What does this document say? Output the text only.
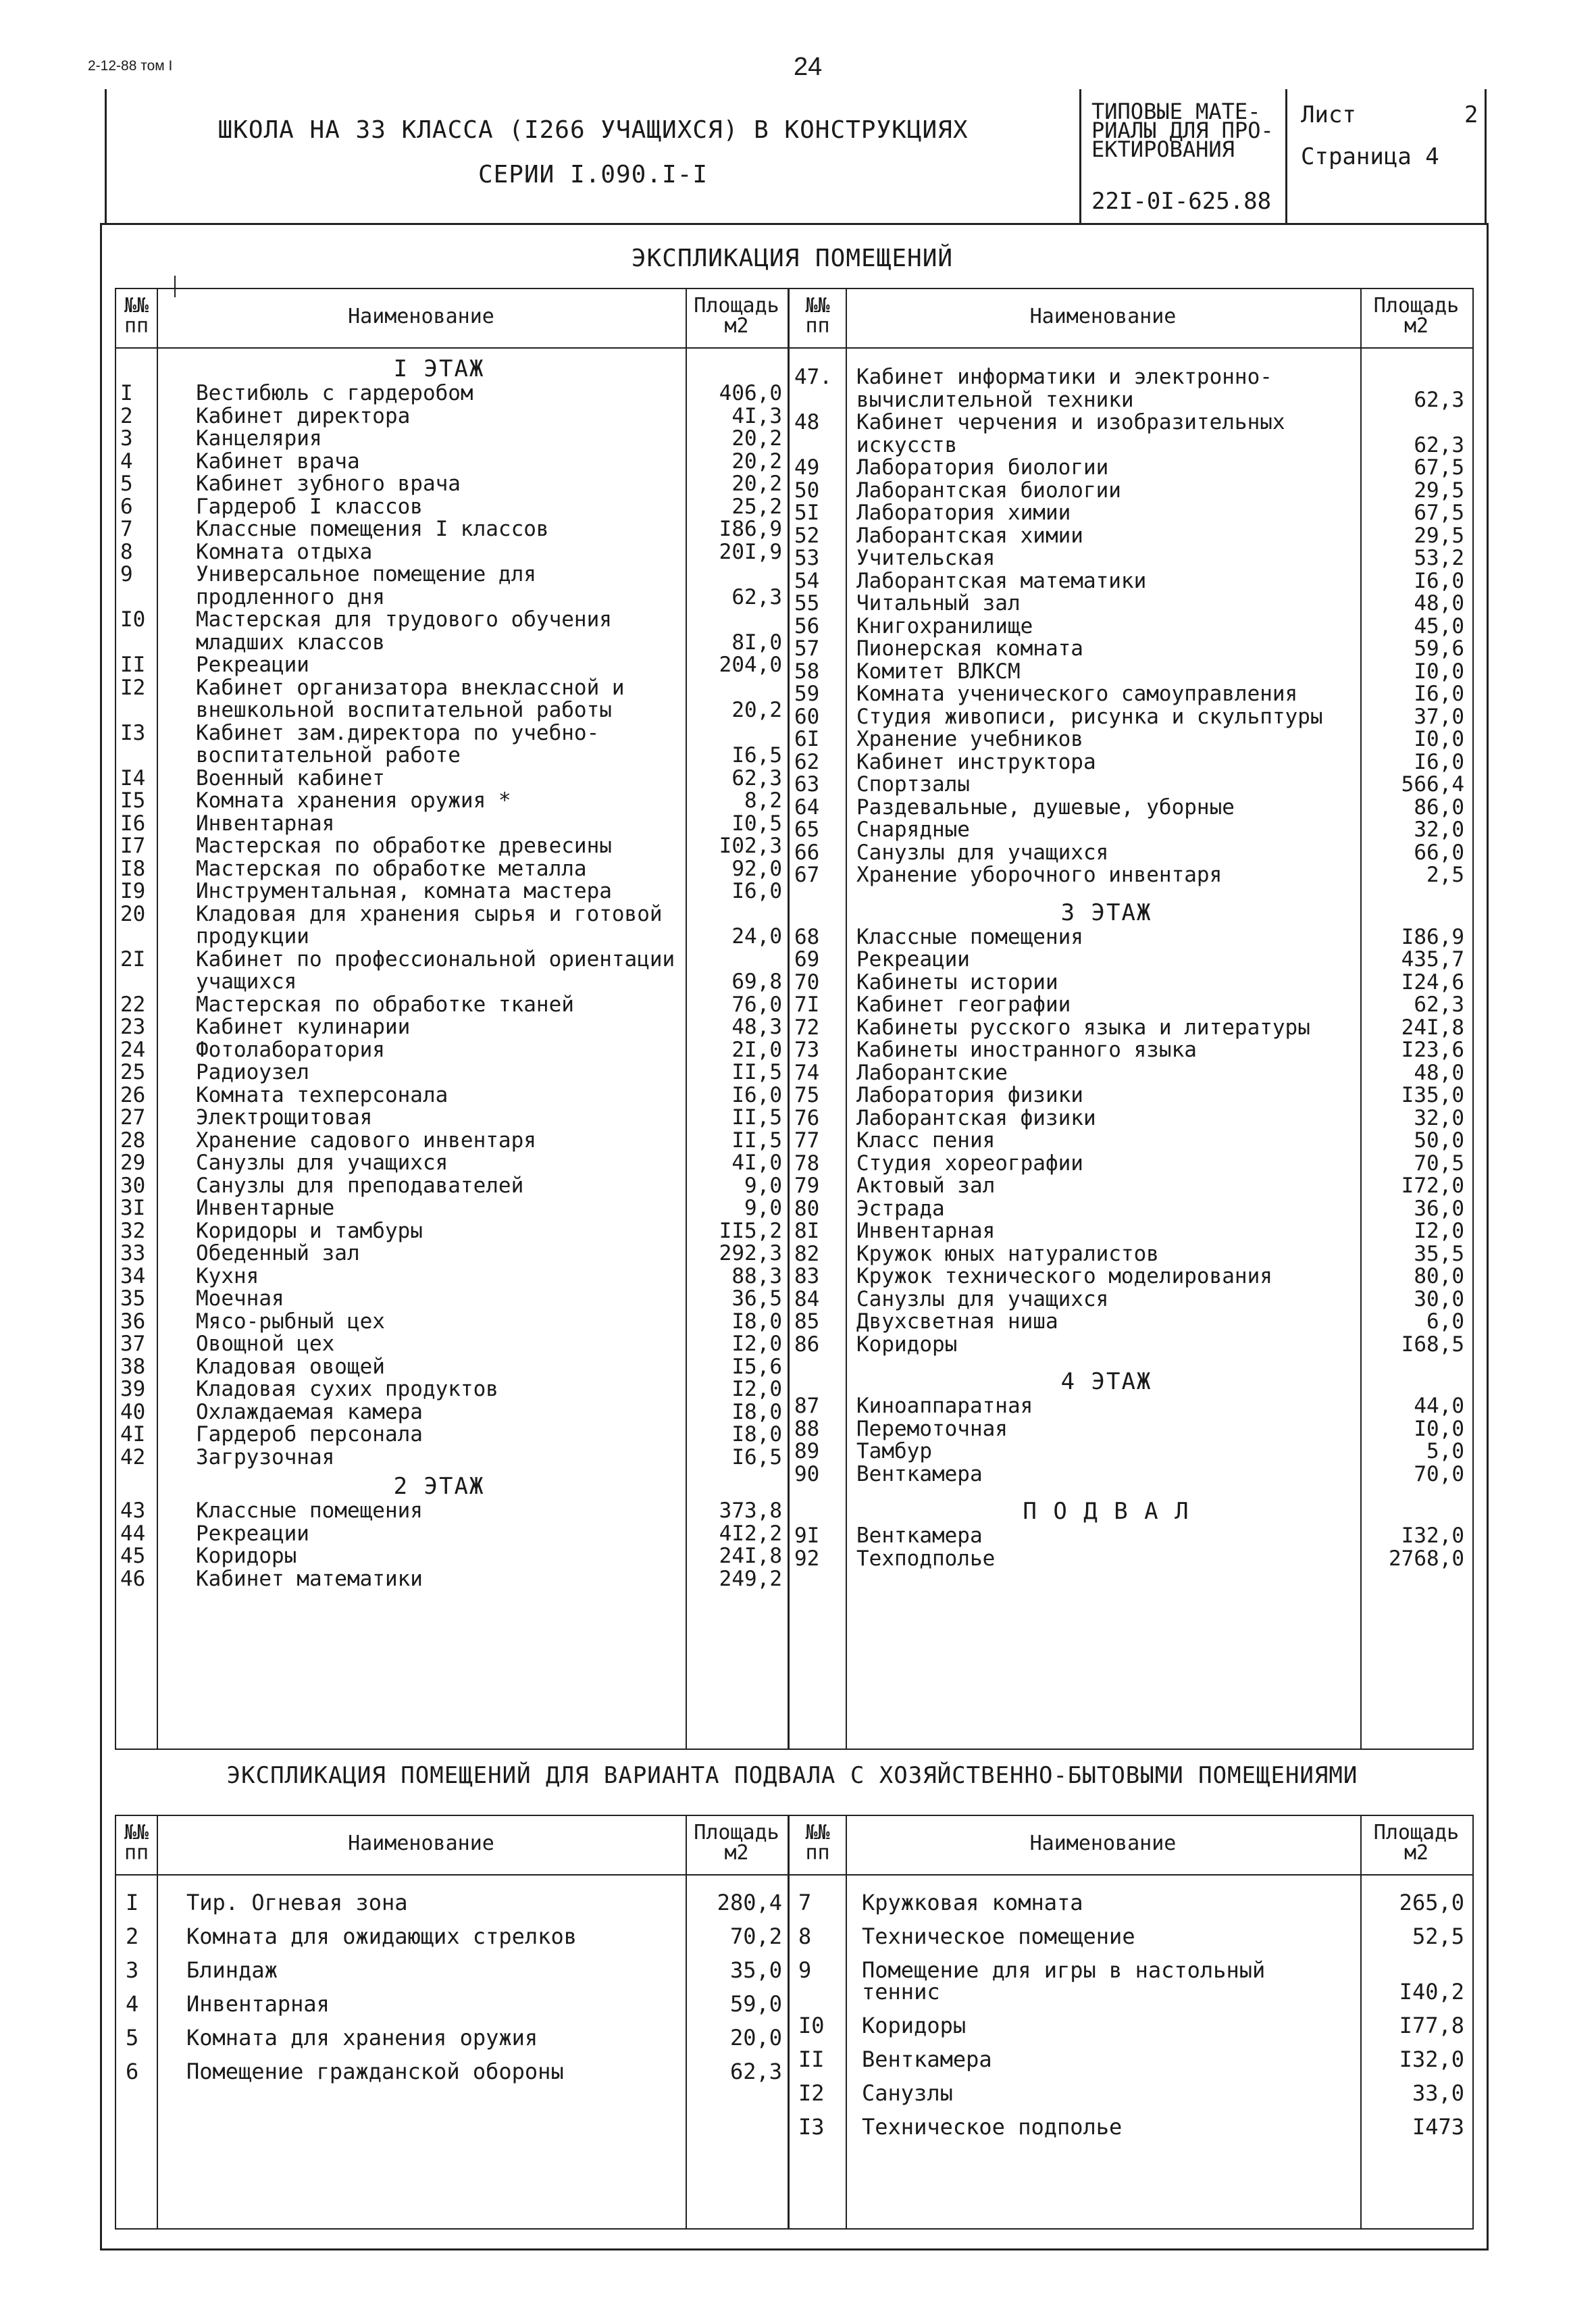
2-12-88 том I	24
ШКОЛА НА 33 КЛАССА (I266 УЧАЩИХСЯ) В КОНСТРУКЦИЯХ
СЕРИИ I.090.I-I
ТИПОВЫЕ МАТЕ-
РИАЛЫ ДЛЯ ПРО-
ЕКТИРОВАНИЯ
22I-0I-625.88
Лист	2
Страница 4
ЭКСПЛИКАЦИЯ ПОМЕЩЕНИЙ
№№ пп	Наименование	Площадь м2
№№ пп	Наименование	Площадь м2
I ЭТАЖ
I	Вестибюль с гардеробом	406,0
2	Кабинет директора	4I,3
3	Канцелярия	20,2
4	Кабинет врача	20,2
5	Кабинет зубного врача	20,2
6	Гардероб I классов	25,2
7	Классные помещения I классов	I86,9
8	Комната отдыха	20I,9
9	Универсальное помещение для продленного дня	62,3
I0 Мастерская для трудового обучения младших классов	8I,0
II Рекреации	204,0
I2 Кабинет организатора внеклассной и внешкольной воспитательной работы	20,2
I3 Кабинет зам.директора по учебно-воспитательной работе	I6,5
I4 Военный кабинет	62,3
I5 Комната хранения оружия *	8,2
I6 Инвентарная	I0,5
I7 Мастерская по обработке древесины	I02,3
I8 Мастерская по обработке металла	92,0
I9 Инструментальная, комната мастера	I6,0
20 Кладовая для хранения сырья и готовой продукции	24,0
2I Кабинет по профессиональной ориентации учащихся	69,8
22 Мастерская по обработке тканей	76,0
23 Кабинет кулинарии	48,3
24 Фотолаборатория	2I,0
25 Радиоузел	II,5
26 Комната техперсонала	I6,0
27 Электрощитовая	II,5
28 Хранение садового инвентаря	II,5
29 Санузлы для учащихся	4I,0
30 Санузлы для преподавателей	9,0
3I Инвентарные	9,0
32 Коридоры и тамбуры	II5,2
33 Обеденный зал	292,3
34 Кухня	88,3
35 Моечная	36,5
36 Мясо-рыбный цех	I8,0
37 Овощной цех	I2,0
38 Кладовая овощей	I5,6
39 Кладовая сухих продуктов	I2,0
40 Охлаждаемая камера	I8,0
4I Гардероб персонала	I8,0
42 Загрузочная	I6,5
2 ЭТАЖ
43 Классные помещения	373,8
44 Рекреации	4I2,2
45 Коридоры	24I,8
46 Кабинет математики	249,2
47. Кабинет информатики и электронно-вычислительной техники	62,3
48 Кабинет черчения и изобразительных искусств	62,3
49 Лаборатория биологии	67,5
50 Лаборантская биологии	29,5
5I Лаборатория химии	67,5
52 Лаборантская химии	29,5
53 Учительская	53,2
54 Лаборантская математики	I6,0
55 Читальный зал	48,0
56 Книгохранилище	45,0
57 Пионерская комната	59,6
58 Комитет ВЛКСМ	I0,0
59 Комната ученического самоуправления	I6,0
60 Студия живописи, рисунка и скульптуры	37,0
6I Хранение учебников	I0,0
62 Кабинет инструктора	I6,0
63 Спортзалы	566,4
64 Раздевальные, душевые, уборные	86,0
65 Снарядные	32,0
66 Санузлы для учащихся	66,0
67 Хранение уборочного инвентаря	2,5
3 ЭТАЖ
68 Классные помещения	I86,9
69 Рекреации	435,7
70 Кабинеты истории	I24,6
7I Кабинет географии	62,3
72 Кабинеты русского языка и литературы	24I,8
73 Кабинеты иностранного языка	I23,6
74 Лаборантские	48,0
75 Лаборатория физики	I35,0
76 Лаборантская физики	32,0
77 Класс пения	50,0
78 Студия хореографии	70,5
79 Актовый зал	I72,0
80 Эстрада	36,0
8I Инвентарная	I2,0
82 Кружок юных натуралистов	35,5
83 Кружок технического моделирования	80,0
84 Санузлы для учащихся	30,0
85 Двухсветная ниша	6,0
86 Коридоры	I68,5
4 ЭТАЖ
87 Киноаппаратная	44,0
88 Перемоточная	I0,0
89 Тамбур	5,0
90 Венткамера	70,0
П О Д В А Л
9I Венткамера	I32,0
92 Техподполье	2768,0
ЭКСПЛИКАЦИЯ ПОМЕЩЕНИЙ ДЛЯ ВАРИАНТА ПОДВАЛА С ХОЗЯЙСТВЕННО-БЫТОВЫМИ ПОМЕЩЕНИЯМИ
№№ пп	Наименование	Площадь м2
№№ пп	Наименование	Площадь м2
I Тир. Огневая зона	280,4
2 Комната для ожидающих стрелков	70,2
3 Блиндаж	35,0
4 Инвентарная	59,0
5 Комната для хранения оружия	20,0
6 Помещение гражданской обороны	62,3
7 Кружковая комната	265,0
8 Техническое помещение	52,5
9 Помещение для игры в настольный теннис	I40,2
I0 Коридоры	I77,8
II Венткамера	I32,0
I2 Санузлы	33,0
I3 Техническое подполье	I473
